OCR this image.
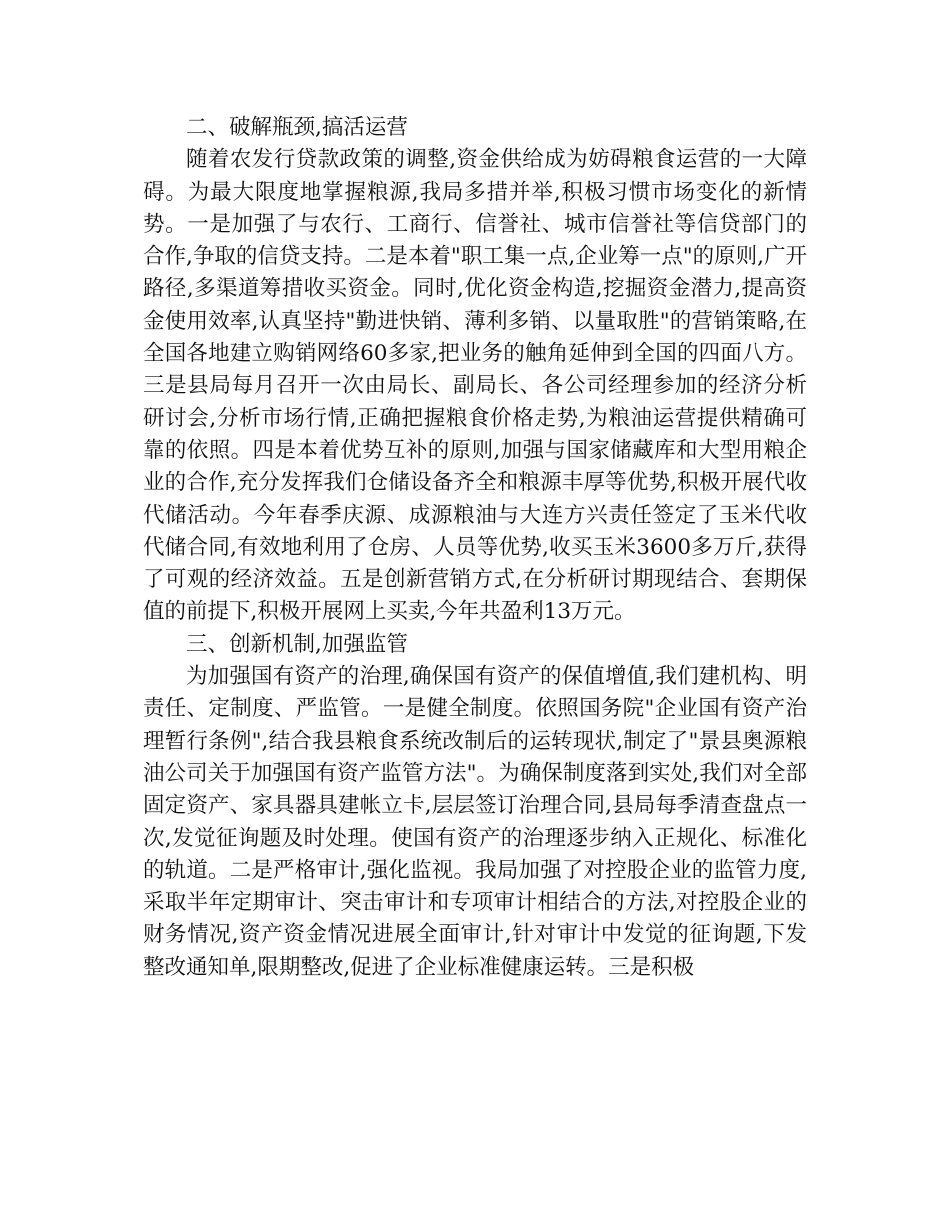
二、破解瓶颈,搞活运营

随着农发行贷款政策的调整,资金供给成为妨碍粮食运营的一大障碍。为最大限度地掌握粮源,我局多措并举,积极习惯市场变化的新情势。一是加强了与农行、工商行、信誉社、城市信誉社等信贷部门的合作,争取的信贷支持。二是本着"职工集一点,企业筹一点"的原则,广开路径,多渠道筹措收买资金。同时,优化资金构造,挖掘资金潜力,提高资金使用效率,认真坚持"勤进快销、薄利多销、以量取胜"的营销策略,在全国各地建立购销网络60多家,把业务的触角延伸到全国的四面八方。三是县局每月召开一次由局长、副局长、各公司经理参加的经济分析研讨会,分析市场行情,正确把握粮食价格走势,为粮油运营提供精确可靠的依照。四是本着优势互补的原则,加强与国家储藏库和大型用粮企业的合作,充分发挥我们仓储设备齐全和粮源丰厚等优势,积极开展代收代储活动。今年春季庆源、成源粮油与大连方兴责任签定了玉米代收代储合同,有效地利用了仓房、人员等优势,收买玉米3600多万斤,获得了可观的经济效益。五是创新营销方式,在分析研讨期现结合、套期保值的前提下,积极开展网上买卖,今年共盈利13万元。

三、创新机制,加强监管

为加强国有资产的治理,确保国有资产的保值增值,我们建机构、明责任、定制度、严监管。一是健全制度。依照国务院"企业国有资产治理暂行条例",结合我县粮食系统改制后的运转现状,制定了"景县奥源粮油公司关于加强国有资产监管方法"。为确保制度落到实处,我们对全部固定资产、家具器具建帐立卡,层层签订治理合同,县局每季清查盘点一次,发觉征询题及时处理。使国有资产的治理逐步纳入正规化、标准化的轨道。二是严格审计,强化监视。我局加强了对控股企业的监管力度,采取半年定期审计、突击审计和专项审计相结合的方法,对控股企业的财务情况,资产资金情况进展全面审计,针对审计中发觉的征询题,下发整改通知单,限期整改,促进了企业标准健康运转。三是积极
